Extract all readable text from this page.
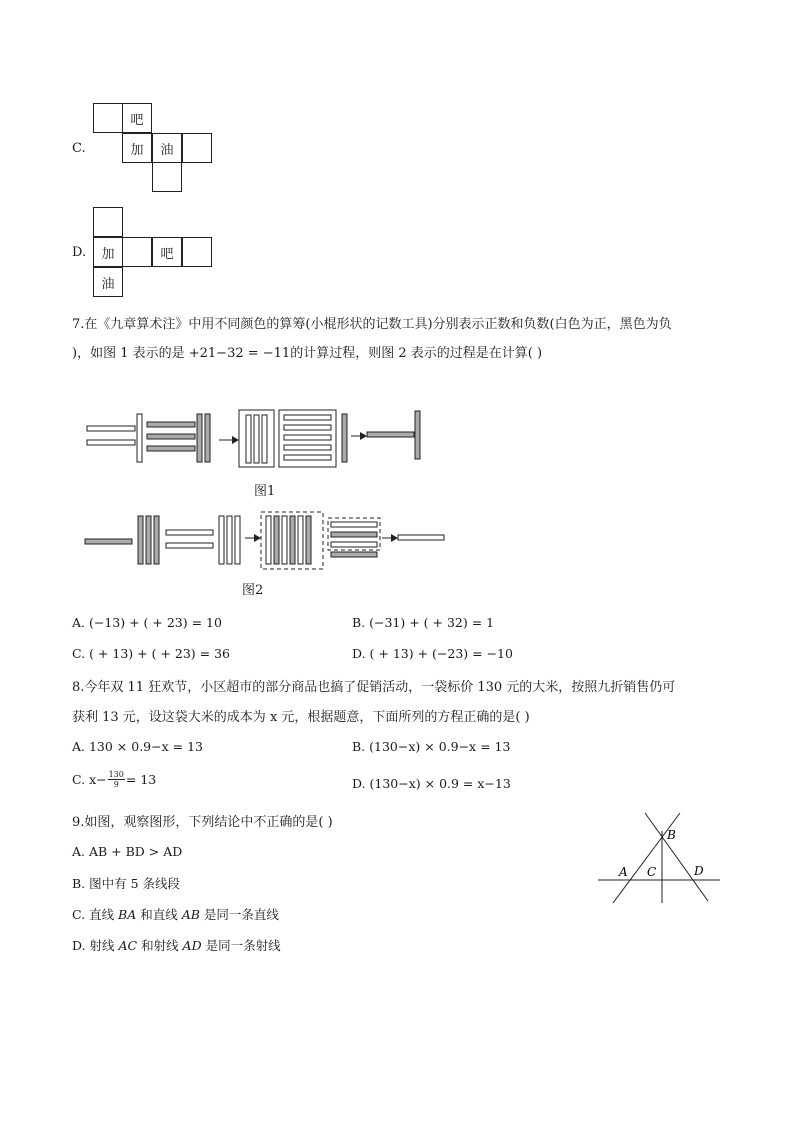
C.
吧
加	油
D.	加	吧
油
7.在《九章算术注》中用不同颜色的算筹(小棍形状的记数工具)分别表示正数和负数(白色为正，黑色为负
)，如图 1 表示的是 +21−32 = −11的计算过程，则图 2 表示的过程是在计算( )
图1
图2
A. (−13) + ( + 23) = 10	B. (−31) + ( + 32) = 1
C. ( + 13) + ( + 23) = 36	D. ( + 13) + (−23) = −10
8.今年双 11 狂欢节，小区超市的部分商品也搞了促销活动，一袋标价 130 元的大米，按照九折销售仍可
获利 13 元，设这袋大米的成本为 x 元，根据题意，下面所列的方程正确的是( )
A. 130 × 0.9−x = 13	B. (130−x) × 0.9−x = 13
C. $x- \frac{130}{9} = 13$	D. (130−x) × 0.9 = x−13
9.如图，观察图形，下列结论中不正确的是( )
A. AB + BD > AD
B. 图中有 5 条线段
C. 直线 BA 和直线 AB 是同一条直线
D. 射线 AC 和射线 AD 是同一条射线
A
B
C	D
